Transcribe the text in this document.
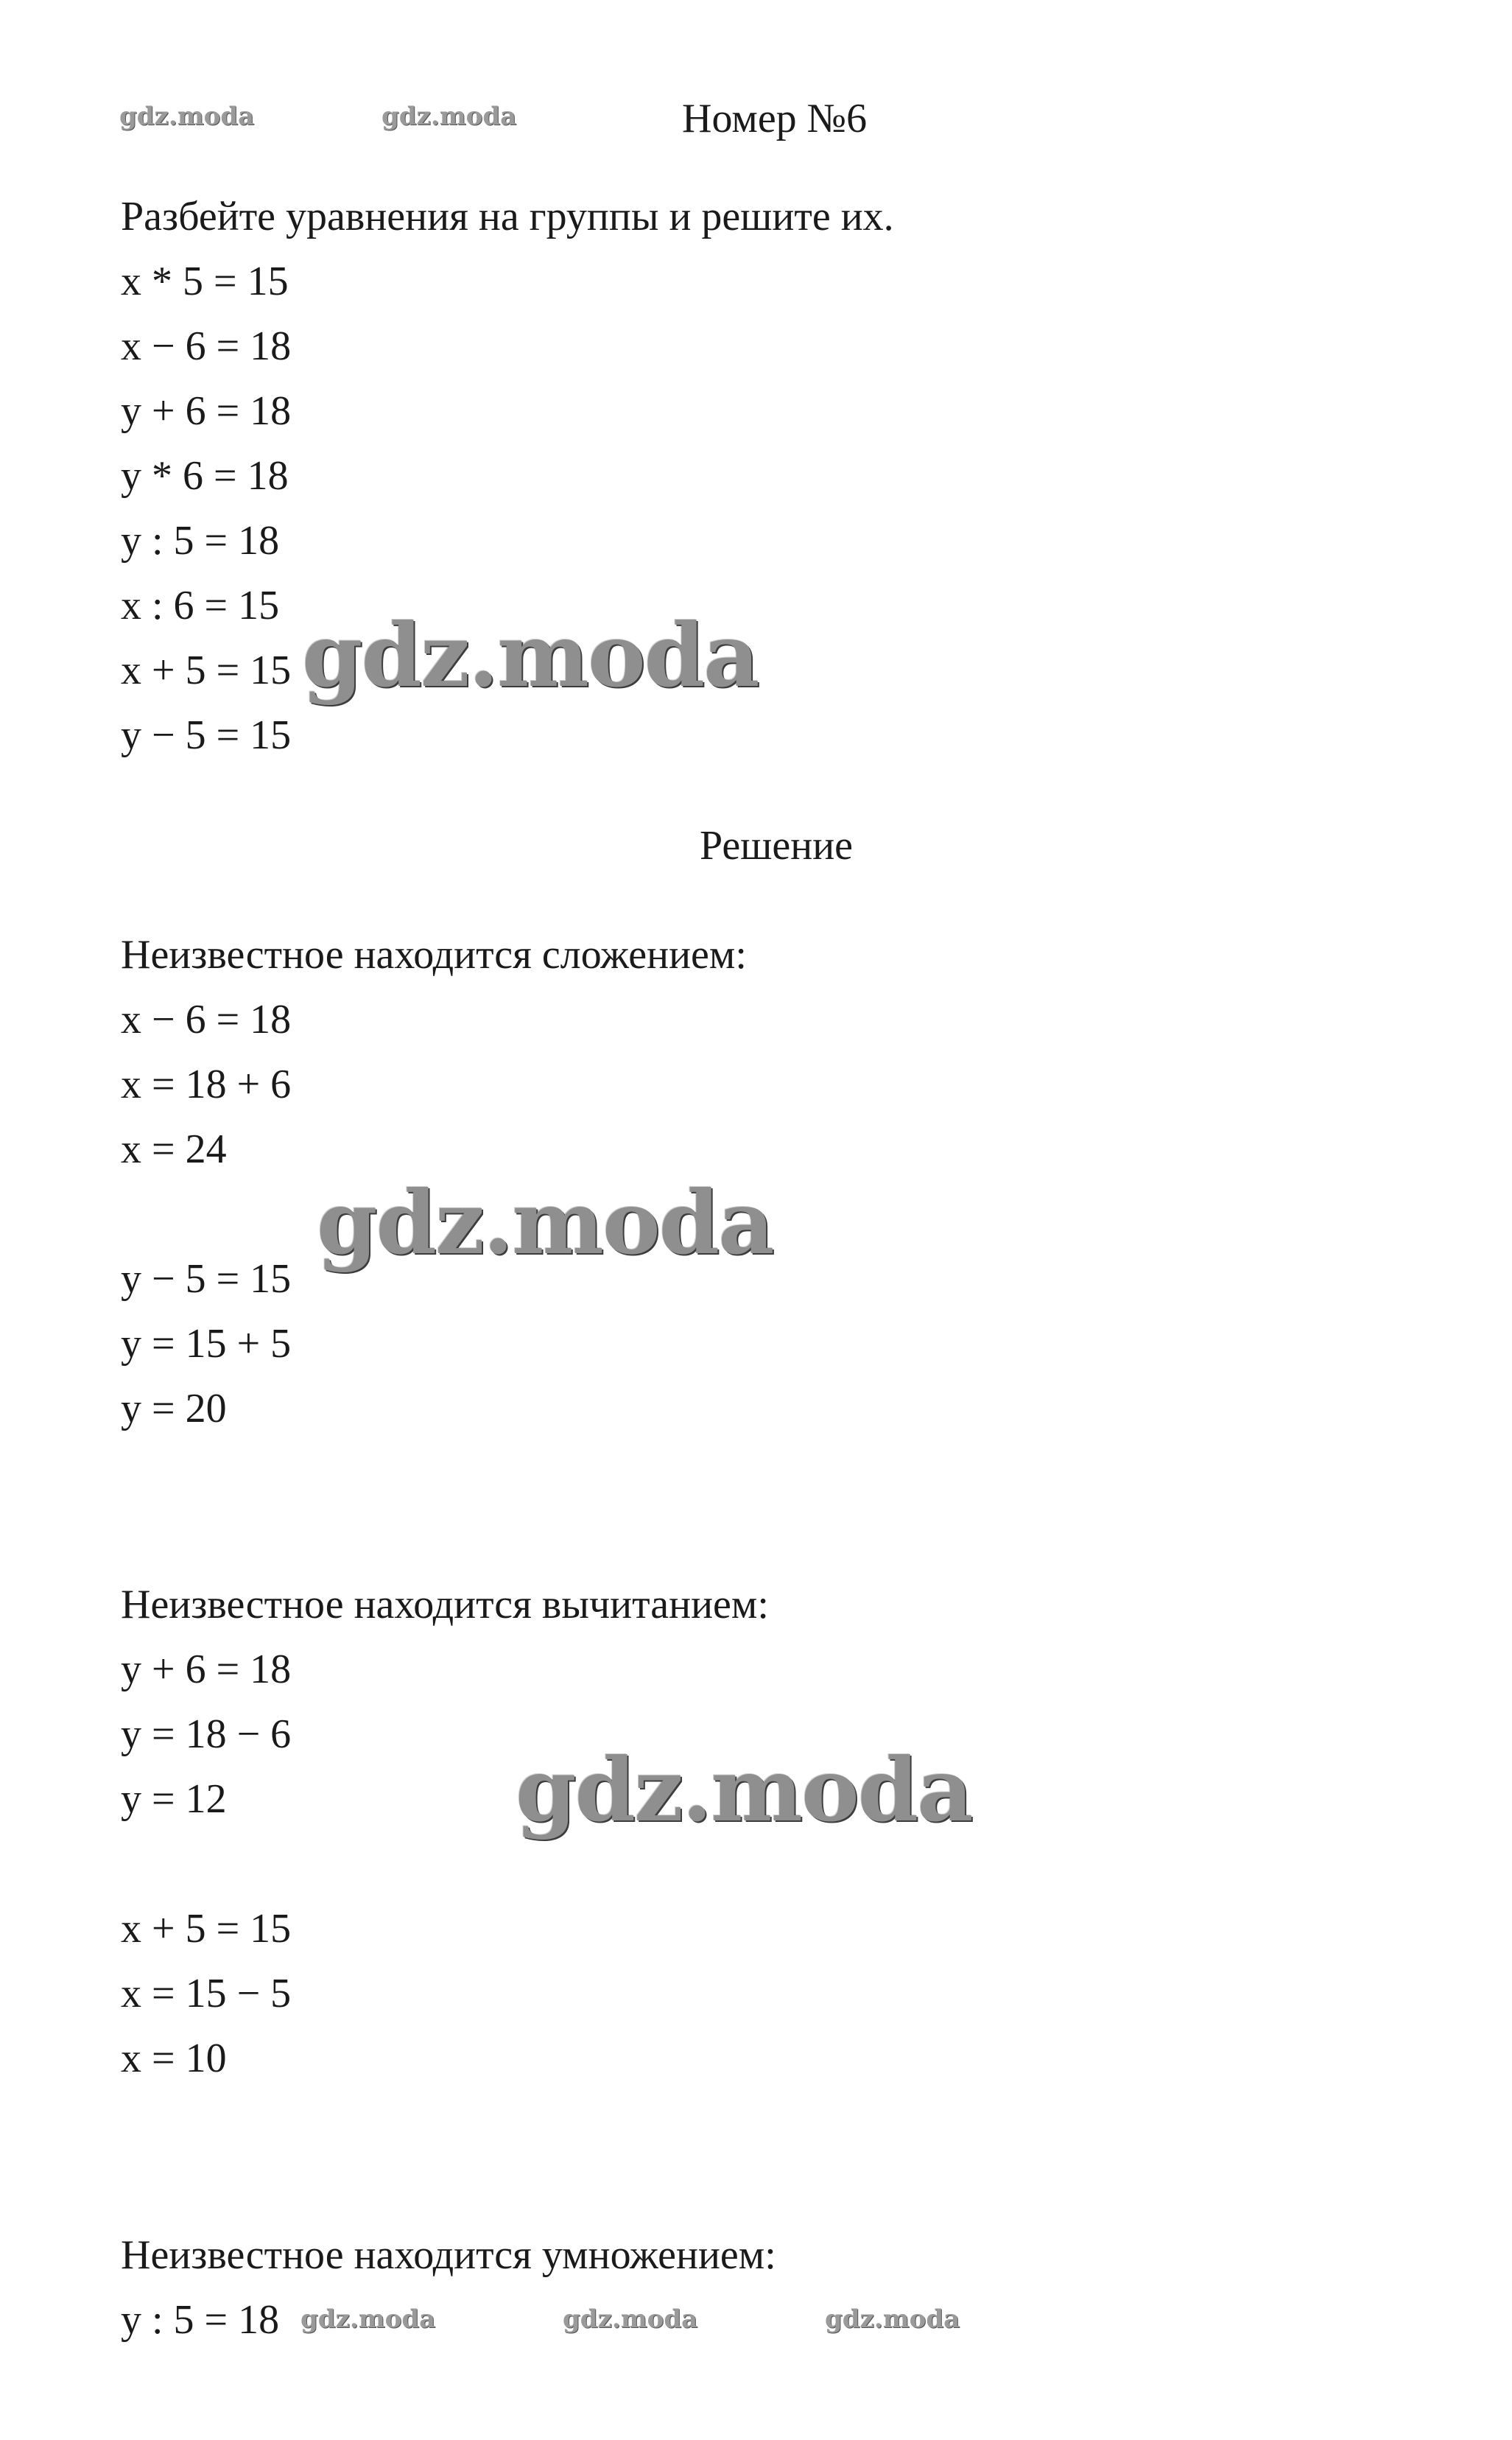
gdz.moda	gdz.moda	Номер №6
Разбейте уравнения на группы и решите их.
x * 5 = 15
x − 6 = 18
y + 6 = 18
y * 6 = 18
y : 5 = 18
x : 6 = 15
x + 5 = 15
y − 5 = 15
gdz.moda
Решение
Неизвестное находится сложением:
x − 6 = 18
x = 18 + 6
x = 24
gdz.moda
y − 5 = 15
y = 15 + 5
y = 20
Неизвестное находится вычитанием:
y + 6 = 18
y = 18 − 6
y = 12	gdz.moda
x + 5 = 15
x = 15 − 5
x = 10
Неизвестное находится умножением:
y : 5 = 18 gdz.moda	gdz.moda	gdz.moda
